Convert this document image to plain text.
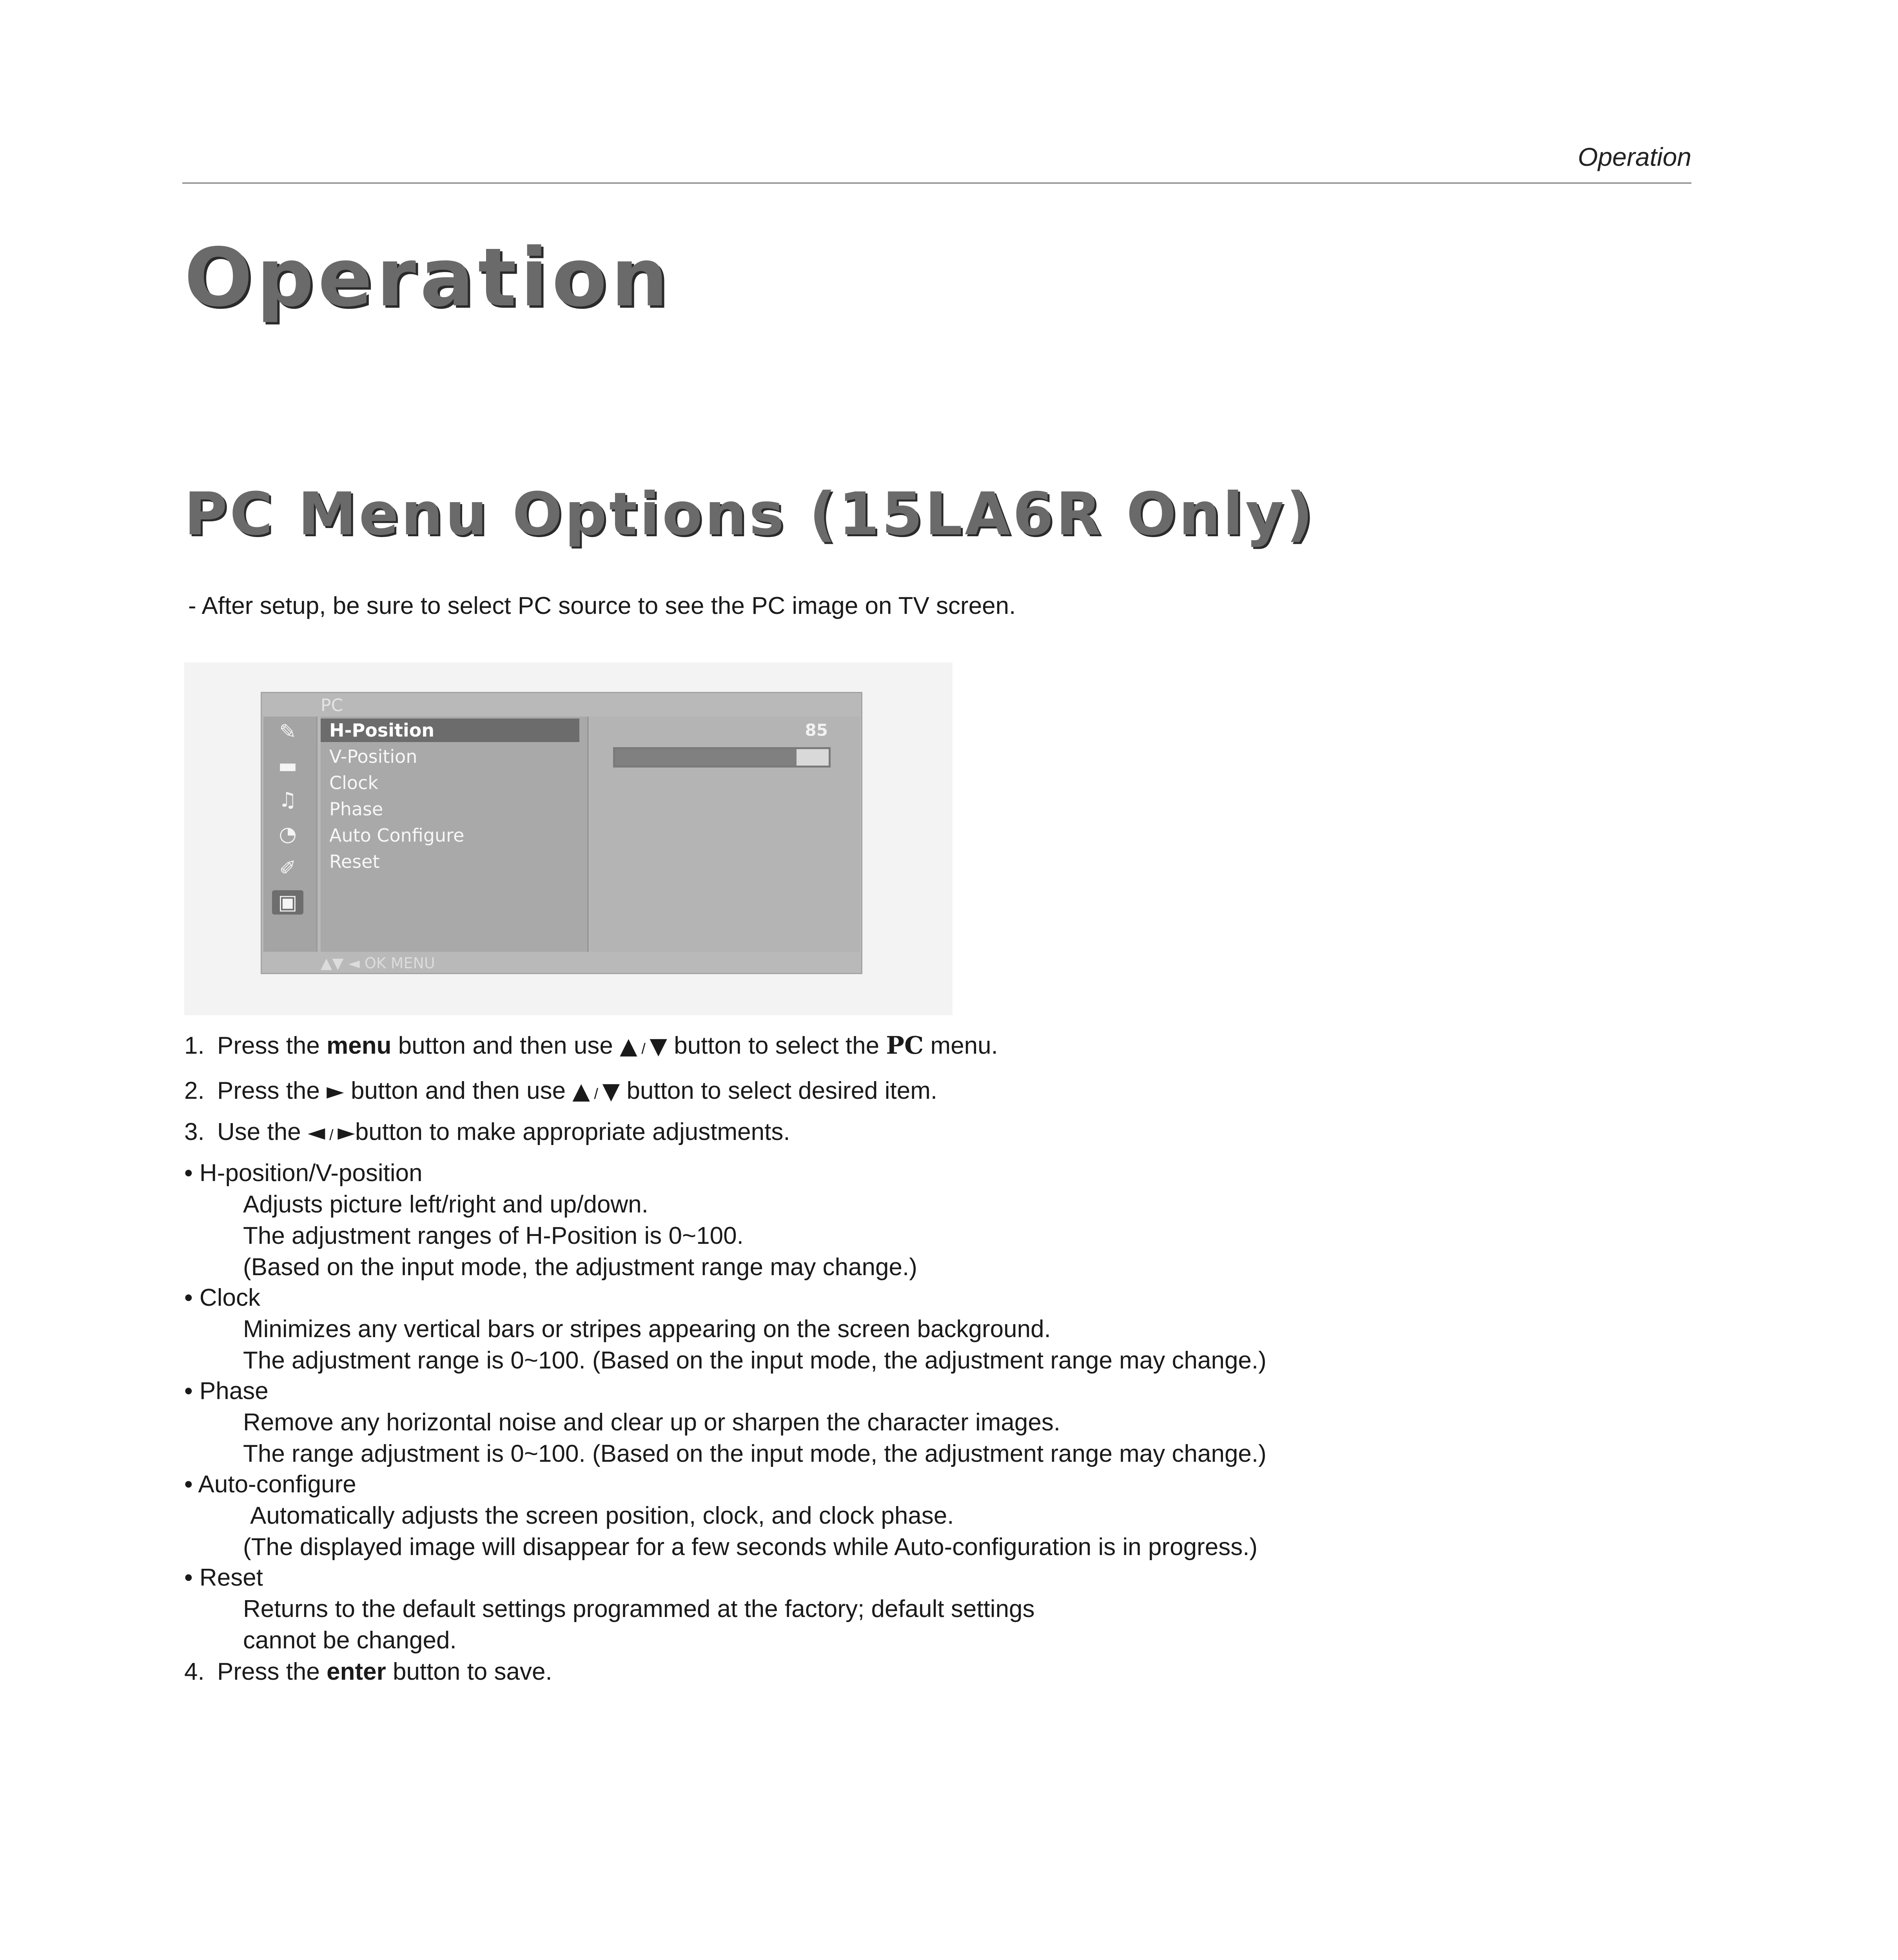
Operation
Operation
PC Menu Options (15LA6R Only)
- After setup, be sure to select PC source to see the PC image on TV screen.
PC
✎
▬
♫
◔
✐
▣
H-Position
V-Position
Clock
Phase
Auto Configure
Reset
85
▲▼ ◄ OK MENU
1. Press the menu button and then use ▲ / ▼ button to select the PC menu.
2. Press the ► button and then use ▲ / ▼ button to select desired item.
3. Use the ◄ / ►button to make appropriate adjustments.
• H-position/V-position
Adjusts picture left/right and up/down.
The adjustment ranges of H-Position is 0~100.
(Based on the input mode, the adjustment range may change.)
• Clock
Minimizes any vertical bars or stripes appearing on the screen background.
The adjustment range is 0~100. (Based on the input mode, the adjustment range may change.)
• Phase
Remove any horizontal noise and clear up or sharpen the character images.
The range adjustment is 0~100. (Based on the input mode, the adjustment range may change.)
• Auto-configure
Automatically adjusts the screen position, clock, and clock phase.
(The displayed image will disappear for a few seconds while Auto-configuration is in progress.)
• Reset
Returns to the default settings programmed at the factory; default settings
cannot be changed.
4. Press the enter button to save.
